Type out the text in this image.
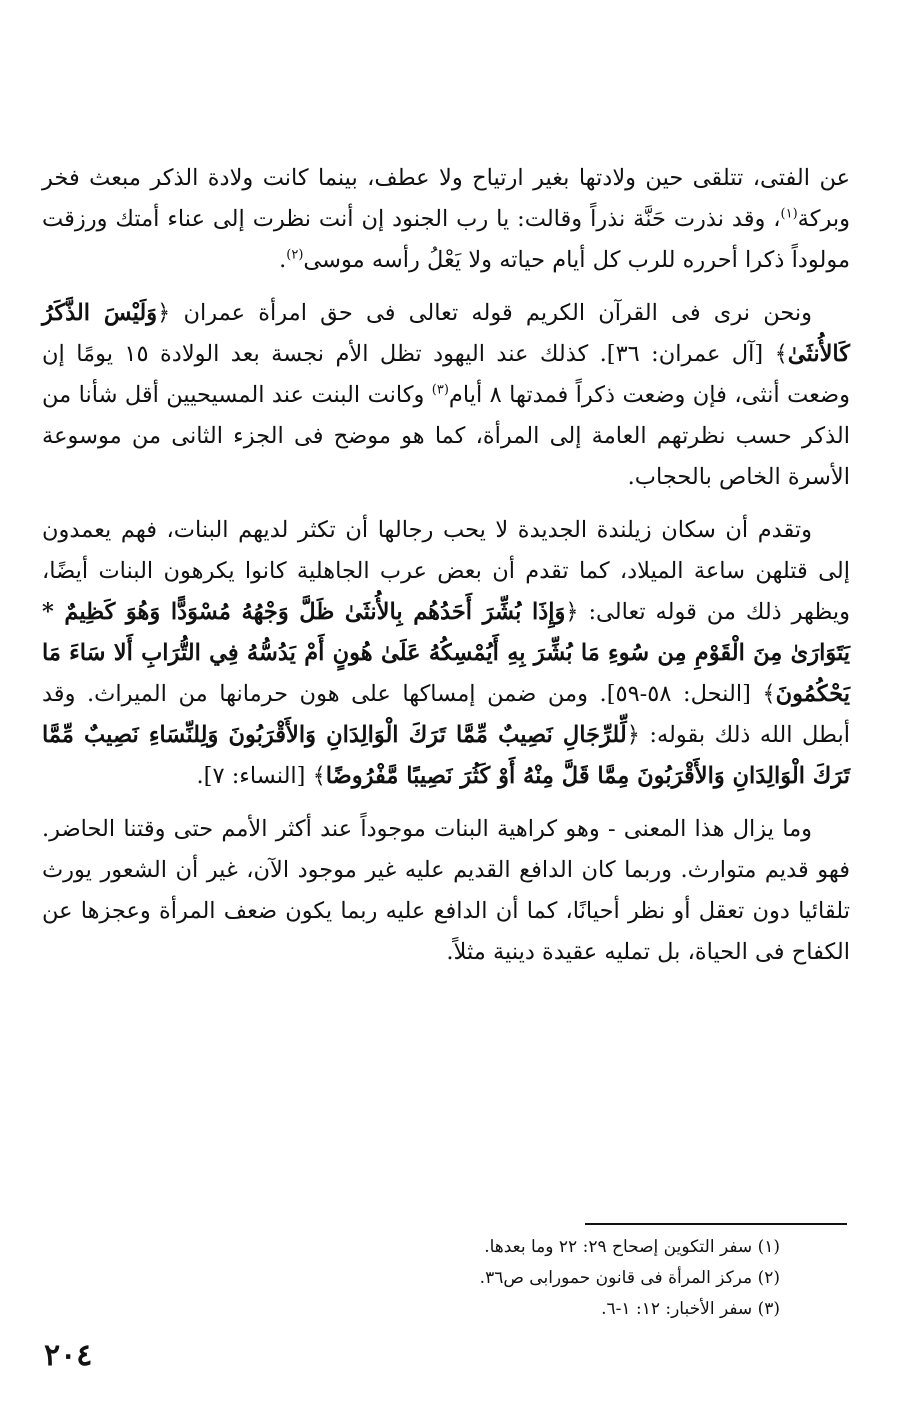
عن الفتى، تتلقى حين ولادتها بغير ارتياح ولا عطف، بينما كانت ولادة الذكر مبعث فخر وبركة$^{(١)}$، وقد نذرت حَنَّة نذراً وقالت: يا رب الجنود إن أنت نظرت إلى عناء أمتك ورزقت مولوداً ذكرا أحرره للرب كل أيام حياته ولا يَعْلُ رأسه موسى$^{(٢)}$.

ونحن نرى فى القرآن الكريم قوله تعالى فى حق امرأة عمران ﴿وَلَيْسَ الذَّكَرُ كَالأُنثَىٰ﴾ [آل عمران: ٣٦]. كذلك عند اليهود تظل الأم نجسة بعد الولادة ١٥ يومًا إن وضعت أنثى، فإن وضعت ذكراً فمدتها ٨ أيام$^{(٣)}$ وكانت البنت عند المسيحيين أقل شأنا من الذكر حسب نظرتهم العامة إلى المرأة، كما هو موضح فى الجزء الثانى من موسوعة الأسرة الخاص بالحجاب.

وتقدم أن سكان زيلندة الجديدة لا يحب رجالها أن تكثر لديهم البنات، فهم يعمدون إلى قتلهن ساعة الميلاد، كما تقدم أن بعض عرب الجاهلية كانوا يكرهون البنات أيضًا، ويظهر ذلك من قوله تعالى: ﴿وَإِذَا بُشِّرَ أَحَدُهُم بِالأُنثَىٰ ظَلَّ وَجْهُهُ مُسْوَدًّا وَهُوَ كَظِيمٌ * يَتَوَارَىٰ مِنَ الْقَوْمِ مِن سُوءِ مَا بُشِّرَ بِهِ أَيُمْسِكُهُ عَلَىٰ هُونٍ أَمْ يَدُسُّهُ فِي التُّرَابِ أَلا سَاءَ مَا يَحْكُمُونَ﴾ [النحل: ٥٨-٥٩]. ومن ضمن إمساكها على هون حرمانها من الميراث. وقد أبطل الله ذلك بقوله: ﴿لِّلرِّجَالِ نَصِيبٌ مِّمَّا تَرَكَ الْوَالِدَانِ وَالأَقْرَبُونَ وَلِلنِّسَاءِ نَصِيبٌ مِّمَّا تَرَكَ الْوَالِدَانِ وَالأَقْرَبُونَ مِمَّا قَلَّ مِنْهُ أَوْ كَثُرَ نَصِيبًا مَّفْرُوضًا﴾ [النساء: ٧].

وما يزال هذا المعنى - وهو كراهية البنات موجوداً عند أكثر الأمم حتى وقتنا الحاضر. فهو قديم متوارث. وربما كان الدافع القديم عليه غير موجود الآن، غير أن الشعور يورث تلقائيا دون تعقل أو نظر أحيانًا، كما أن الدافع عليه ربما يكون ضعف المرأة وعجزها عن الكفاح فى الحياة، بل تمليه عقيدة دينية مثلاً.

(١) سفر التكوين إصحاح ٢٩: ٢٢ وما بعدها.
(٢) مركز المرأة فى قانون حمورابى ص٣٦.
(٣) سفر الأخبار: ١٢: ١-٦.
٢٠٤
